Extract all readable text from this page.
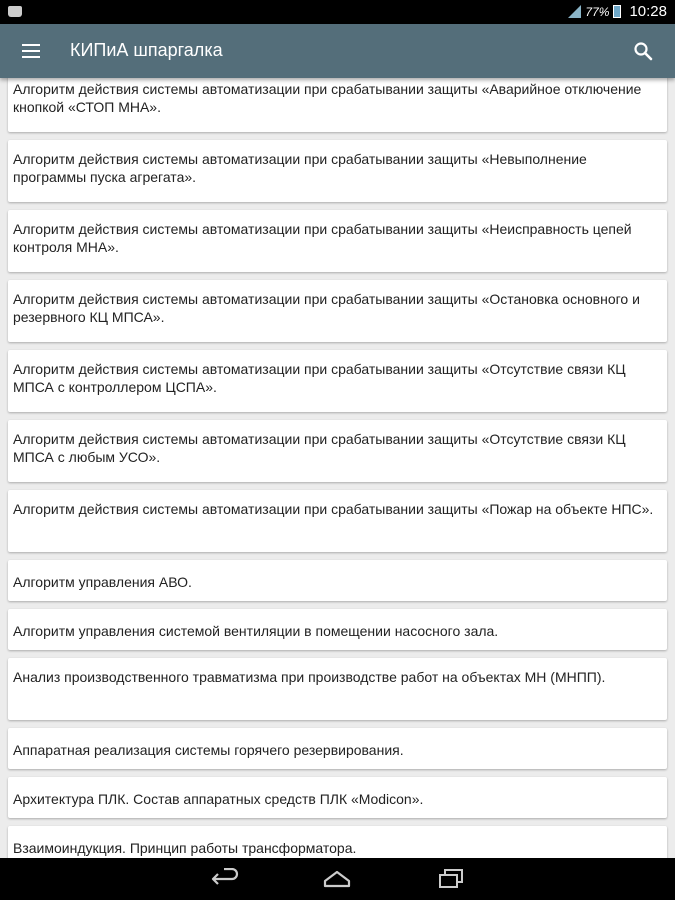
77% 10:28
КИПиА шпаргалка
Алгоритм действия системы автоматизации при срабатывании защиты «Аварийное отключение кнопкой «СТОП МНА».
Алгоритм действия системы автоматизации при срабатывании защиты «Невыполнение программы пуска агрегата».
Алгоритм действия системы автоматизации при срабатывании защиты «Неисправность цепей контроля МНА».
Алгоритм действия системы автоматизации при срабатывании защиты «Остановка основного и резервного КЦ МПСА».
Алгоритм действия системы автоматизации при срабатывании защиты «Отсутствие связи КЦ МПСА с контроллером ЦСПА».
Алгоритм действия системы автоматизации при срабатывании защиты «Отсутствие связи КЦ МПСА с любым УСО».
Алгоритм действия системы автоматизации при срабатывании защиты «Пожар на объекте НПС».
Алгоритм управления АВО.
Алгоритм управления системой вентиляции в помещении насосного зала.
Анализ производственного травматизма при производстве работ на объектах МН (МНПП).
Аппаратная реализация системы горячего резервирования.
Архитектура ПЛК. Состав аппаратных средств ПЛК «Modicon».
Взаимоиндукция. Принцип работы трансформатора.
